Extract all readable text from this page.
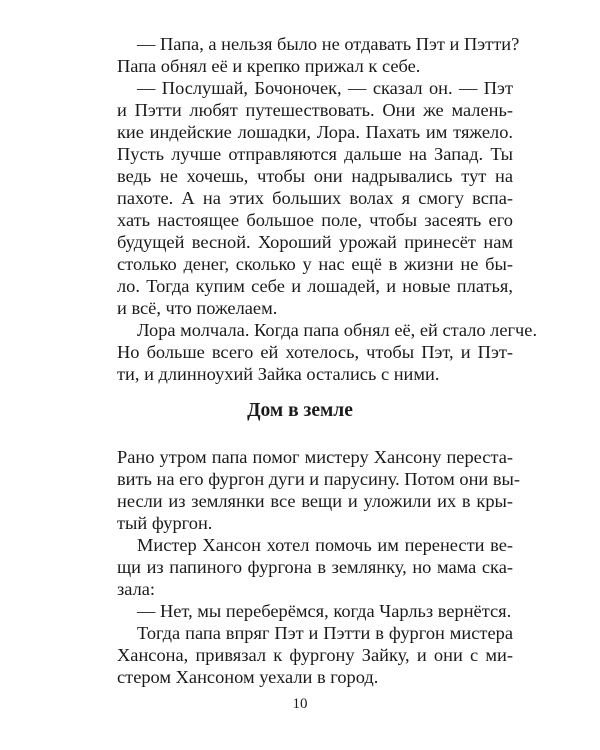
— Папа, а нельзя было не отдавать Пэт и Пэтти?
Папа обнял её и крепко прижал к себе.
— Послушай, Бочоночек, — сказал он. — Пэт
и Пэтти любят путешествовать. Они же малень-
кие индейские лошадки, Лора. Пахать им тяжело.
Пусть лучше отправляются дальше на Запад. Ты
ведь не хочешь, чтобы они надрывались тут на
пахоте. А на этих больших волах я смогу вспа-
хать настоящее большое поле, чтобы засеять его
будущей весной. Хороший урожай принесёт нам
столько денег, сколько у нас ещё в жизни не бы-
ло. Тогда купим себе и лошадей, и новые платья,
и всё, что пожелаем.
Лора молчала. Когда папа обнял её, ей стало легче.
Но больше всего ей хотелось, чтобы Пэт, и Пэт-
ти, и длинноухий Зайка остались с ними.
Дом в земле
Рано утром папа помог мистеру Хансону переста-
вить на его фургон дуги и парусину. Потом они вы-
несли из землянки все вещи и уложили их в кры-
тый фургон.
Мистер Хансон хотел помочь им перенести ве-
щи из папиного фургона в землянку, но мама ска-
зала:
— Нет, мы переберёмся, когда Чарльз вернётся.
Тогда папа впряг Пэт и Пэтти в фургон мистера
Хансона, привязал к фургону Зайку, и они с ми-
стером Хансоном уехали в город.
10
